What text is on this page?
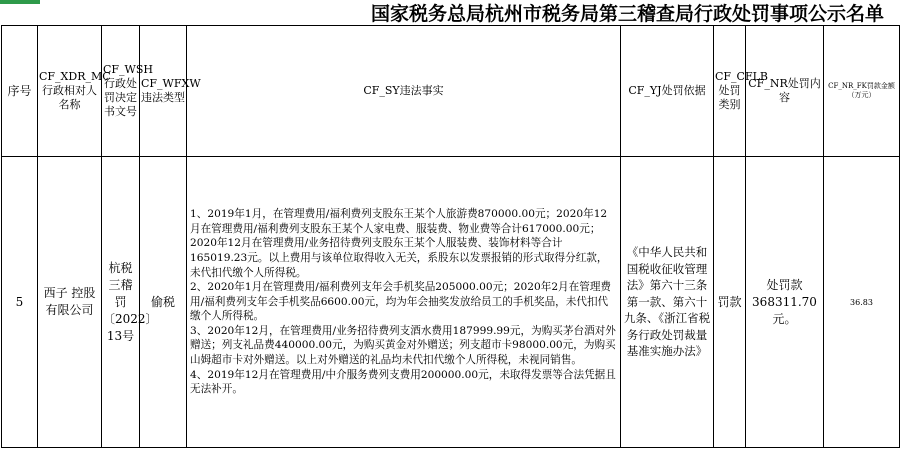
国家税务总局杭州市税务局第三稽查局行政处罚事项公示名单
序号	CF_XDR_MC行政相对人名称	CF_WSH行政处罚决定书文号	CF_WFXW违法类型	CF_SY违法事实	CF_YJ处罚依据	CF_CFLB处罚类别	CF_NR处罚内容	CF_NR_FK罚款金额（万元）
5	西子 控股有限公司	杭税三稽罚〔2022〕13号	偷税	1、2019年1月，在管理费用/福利费列支股东王某个人旅游费870000.00元；2020年12月在管理费用/福利费列支股东王某个人家电费、服装费、物业费等合计617000.00元；2020年12月在管理费用/业务招待费列支股东王某个人服装费、装饰材料等合计165019.23元。以上费用与该单位取得收入无关，系股东以发票报销的形式取得分红款，未代扣代缴个人所得税。
2、2020年1月在管理费用/福利费列支年会手机奖品205000.00元；2020年2月在管理费用/福利费列支年会手机奖品6600.00元，均为年会抽奖发放给员工的手机奖品，未代扣代缴个人所得税。
3、2020年12月，在管理费用/业务招待费列支酒水费用187999.99元，为购买茅台酒对外赠送；列支礼品费440000.00元，为购买黄金对外赠送；列支超市卡98000.00元，为购买山姆超市卡对外赠送。以上对外赠送的礼品均未代扣代缴个人所得税，未视同销售。
4、2019年12月在管理费用/中介服务费列支费用200000.00元，未取得发票等合法凭据且无法补开。	《中华人民共和国税收征收管理法》第六十三条第一款、第六十九条、《浙江省税务行政处罚裁量基准实施办法》	罚款	处罚款368311.70元。	36.83
